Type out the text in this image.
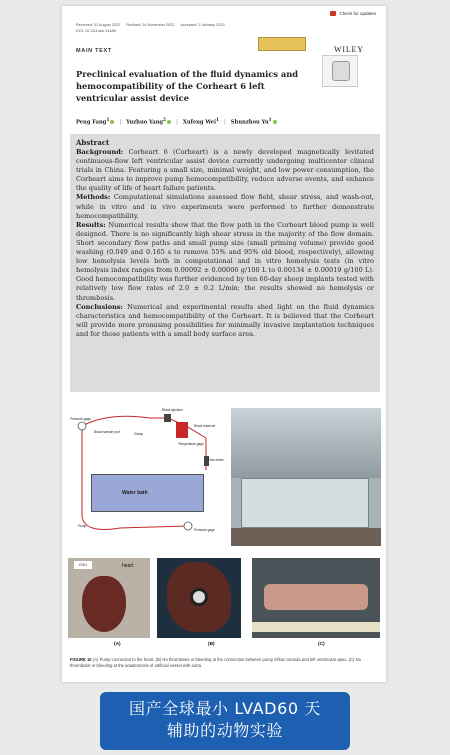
Check for updates
Received: 31 August 2022 Revised: 24 November 2022 Accepted: 3 January 2023
DOI: 10.1111/aor.14488
MAIN TEXT	WILEY
Preclinical evaluation of the fluid dynamics and hemocompatibility of the Corheart 6 left ventricular assist device
Peng Fang$^1$	| Yuzhuo Yang$^2$	| Xufeng Wei$^1$ | Shunzhou Yu$^1$
Abstract

Background: Corheart 6 (Corheart) is a newly developed magnetically levitated continuous-flow left ventricular assist device currently undergoing multicenter clinical trials in China. Featuring a small size, minimal weight, and low power consumption, the Corheart aims to improve pump hemocompatibility, reduce adverse events, and enhance the quality of life of heart failure patients.

Methods: Computational simulations assessed flow field, shear stress, and wash-out, while in vitro and in vivo experiments were performed to further demonstrate hemocompatibility.

Results: Numerical results show that the flow path in the Corheart blood pump is well designed. There is no significantly high shear stress in the majority of the flow domain. Short secondary flow paths and small pump size (small priming volume) provide good washing (0.049 and 0.165 s to remove 55% and 95% old blood, respectively), allowing low hemolysis levels both in computational and in vitro hemolysis tests (in vitro hemolysis index ranges from 0.00092 ± 0.00006 g/100 L to 0.00134 ± 0.00019 g/100 L). Good hemocompatibility was further evidenced by ten 60-day sheep implants tested with relatively low flow rates of 2.0 ± 0.2 L/min; the results showed no hemolysis or thrombosis.

Conclusions: Numerical and experimental results shed light on the fluid dynamics characteristics and hemocompatibility of the Corheart. It is believed that the Corheart will provide more promising possibilities for minimally invasive implantation techniques and for those patients with a small body surface area.

Water bath
Blood injection
Blood sample port	Clamp
Blood reservoir
Temperature gage
Flow meter
Pressure gage
Pump
Pressure gage
C001	heart
(A)	(B)	(C)
FIGURE 10 (A) Pump connected to the heart. (B) No thrombosis or bleeding at the connection between pump inflow cannula and left ventricular apex. (C) No thrombosis or bleeding at the anastomosis of artificial vessel with aorta.
国产全球最小 LVAD60 天
辅助的动物实验
